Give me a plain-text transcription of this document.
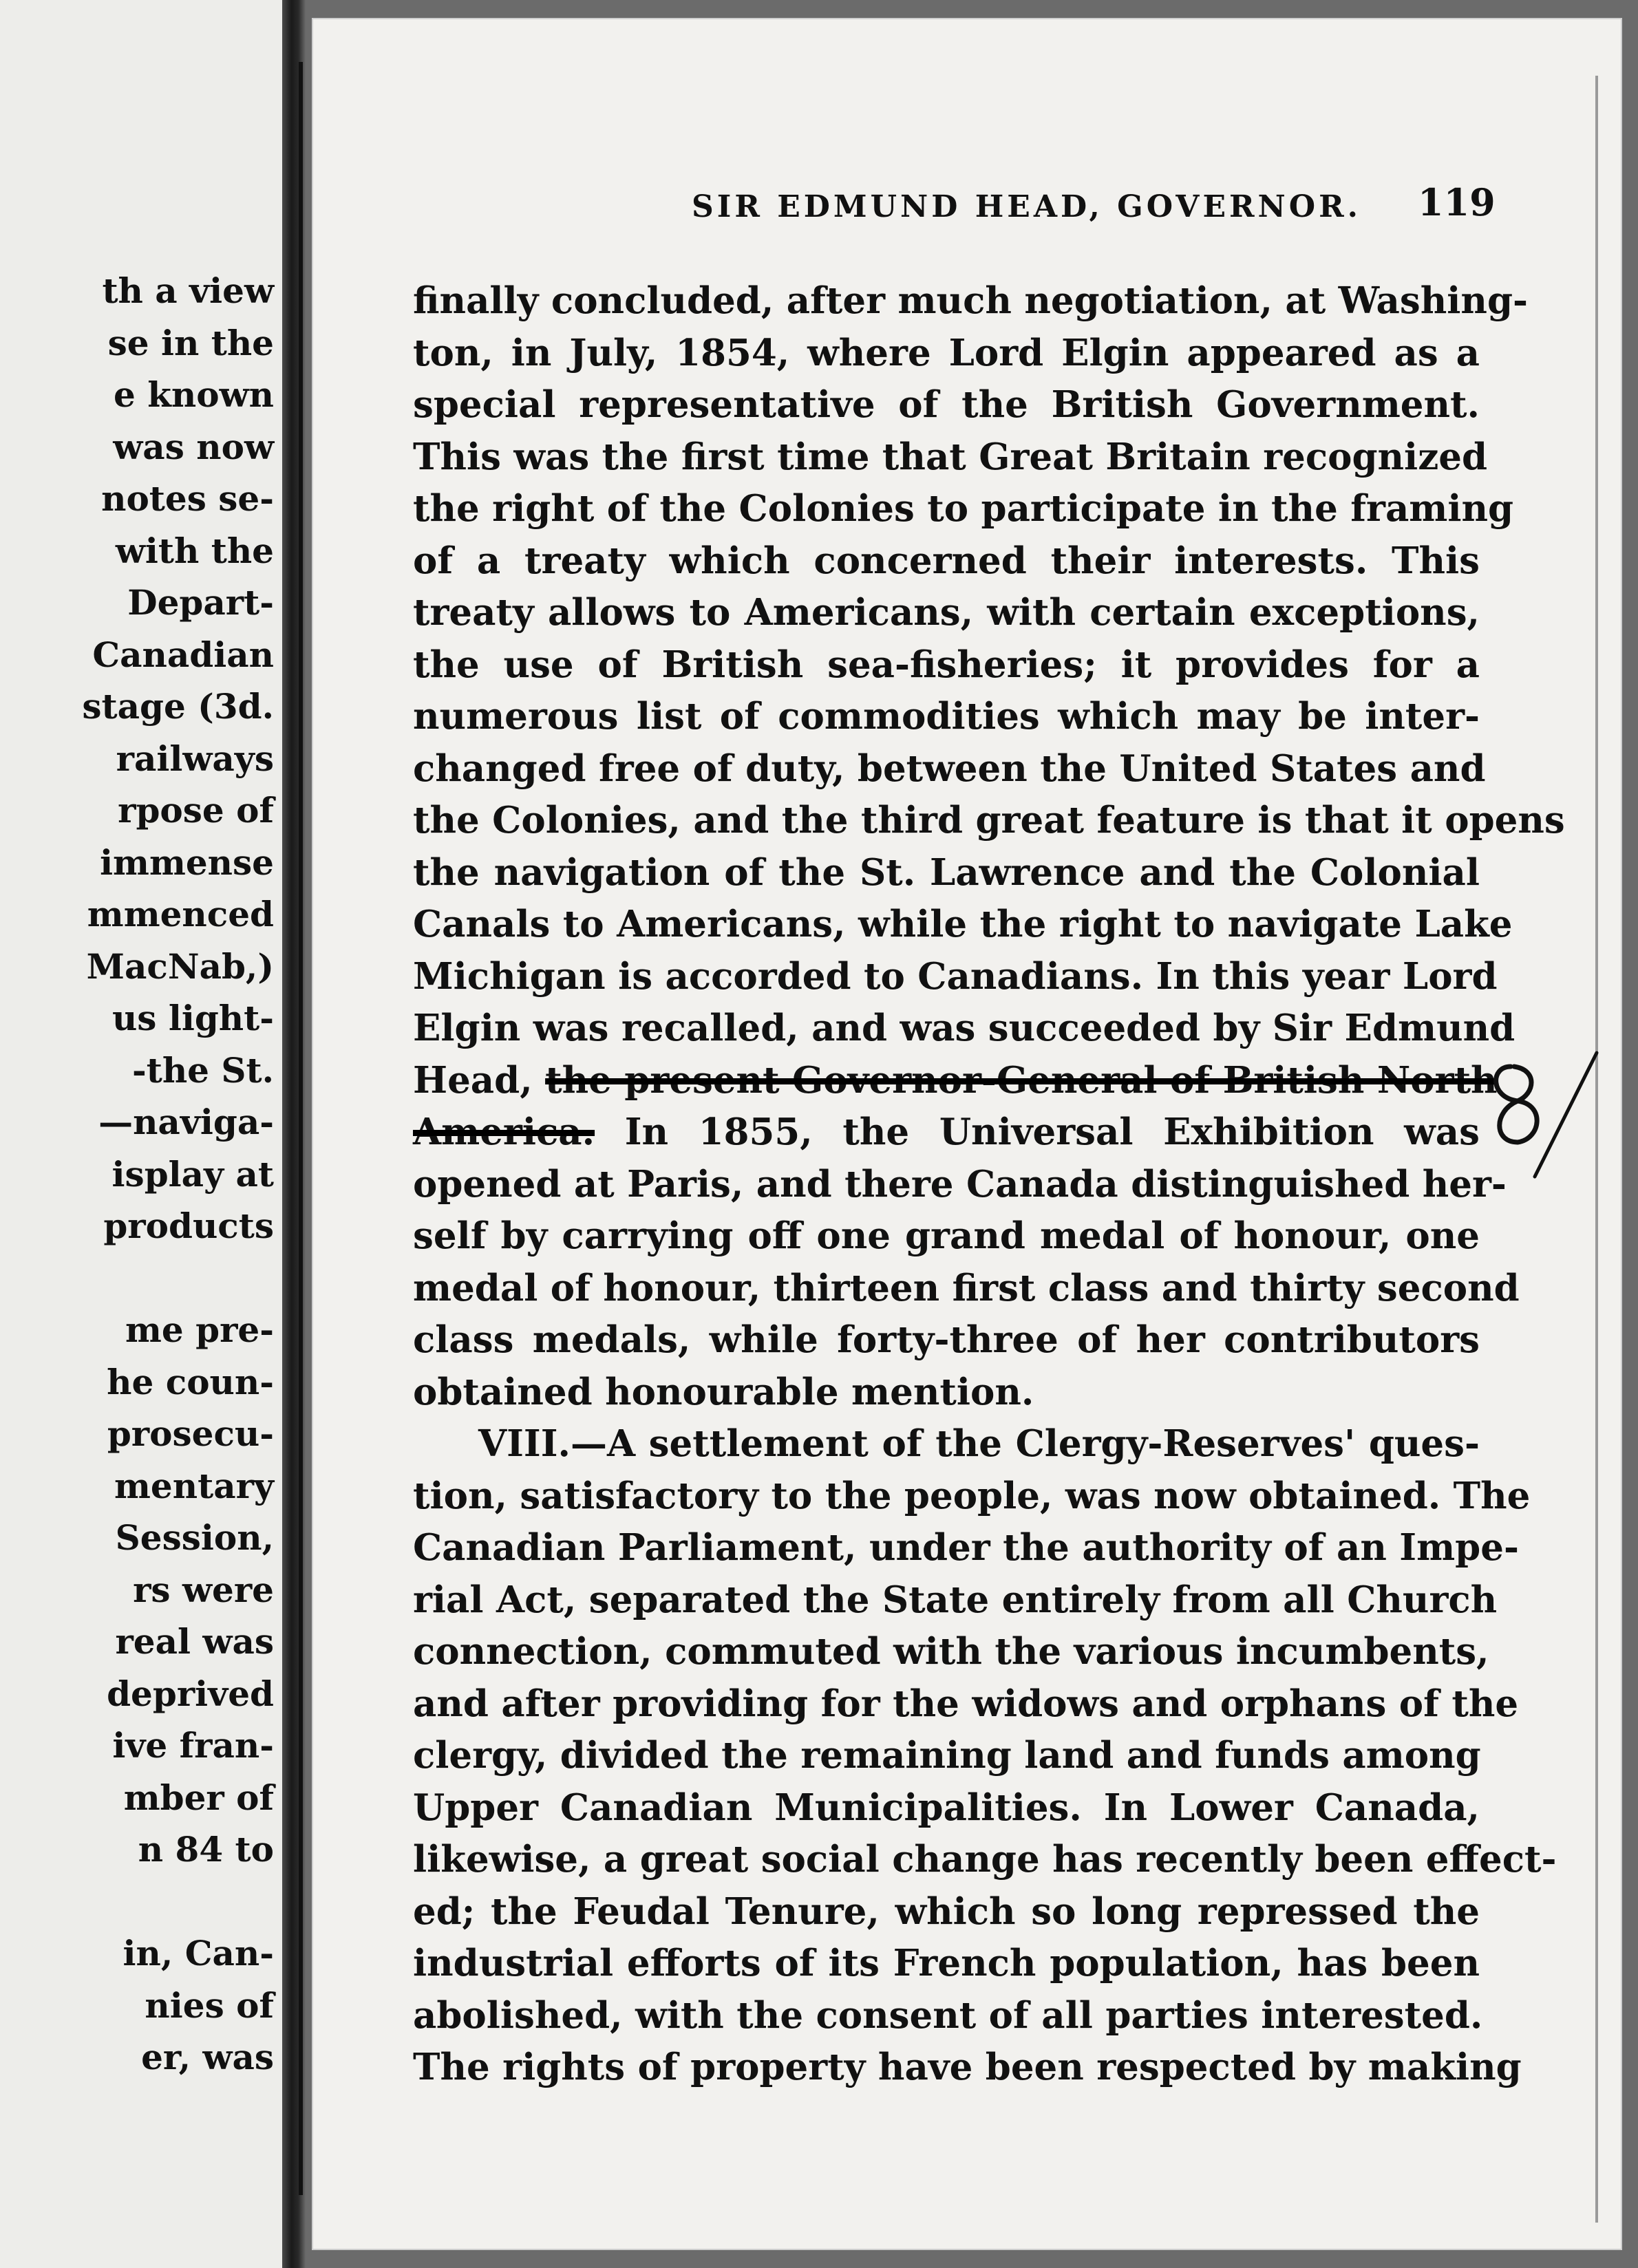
th a view
se in the
e known
was now
notes se-
with the
Depart-
Canadian
stage (3d.
railways
rpose of
immense
mmenced
MacNab,)
us light-
-the St.
—naviga-
isplay at
products

me pre-
he coun-
prosecu-
mentary
Session,
rs were
real was
deprived
ive fran-
mber of
n 84 to

in, Can-
nies of
er, was
SIR EDMUND HEAD, GOVERNOR. 119
finally concluded, after much negotiation, at Washing-
ton, in July, 1854, where Lord Elgin appeared as a
special representative of the British Government.
This was the first time that Great Britain recognized
the right of the Colonies to participate in the framing
of a treaty which concerned their interests. This
treaty allows to Americans, with certain exceptions,
the use of British sea-fisheries; it provides for a
numerous list of commodities which may be inter-
changed free of duty, between the United States and
the Colonies, and the third great feature is that it opens
the navigation of the St. Lawrence and the Colonial
Canals to Americans, while the right to navigate Lake
Michigan is accorded to Canadians. In this year Lord
Elgin was recalled, and was succeeded by Sir Edmund
Head, the present Governor-General of British North
America. In 1855, the Universal Exhibition was
opened at Paris, and there Canada distinguished her-
self by carrying off one grand medal of honour, one
medal of honour, thirteen first class and thirty second
class medals, while forty-three of her contributors
obtained honourable mention.
VIII.—A settlement of the Clergy-Reserves' ques-
tion, satisfactory to the people, was now obtained. The
Canadian Parliament, under the authority of an Impe-
rial Act, separated the State entirely from all Church
connection, commuted with the various incumbents,
and after providing for the widows and orphans of the
clergy, divided the remaining land and funds among
Upper Canadian Municipalities. In Lower Canada,
likewise, a great social change has recently been effect-
ed; the Feudal Tenure, which so long repressed the
industrial efforts of its French population, has been
abolished, with the consent of all parties interested.
The rights of property have been respected by making
